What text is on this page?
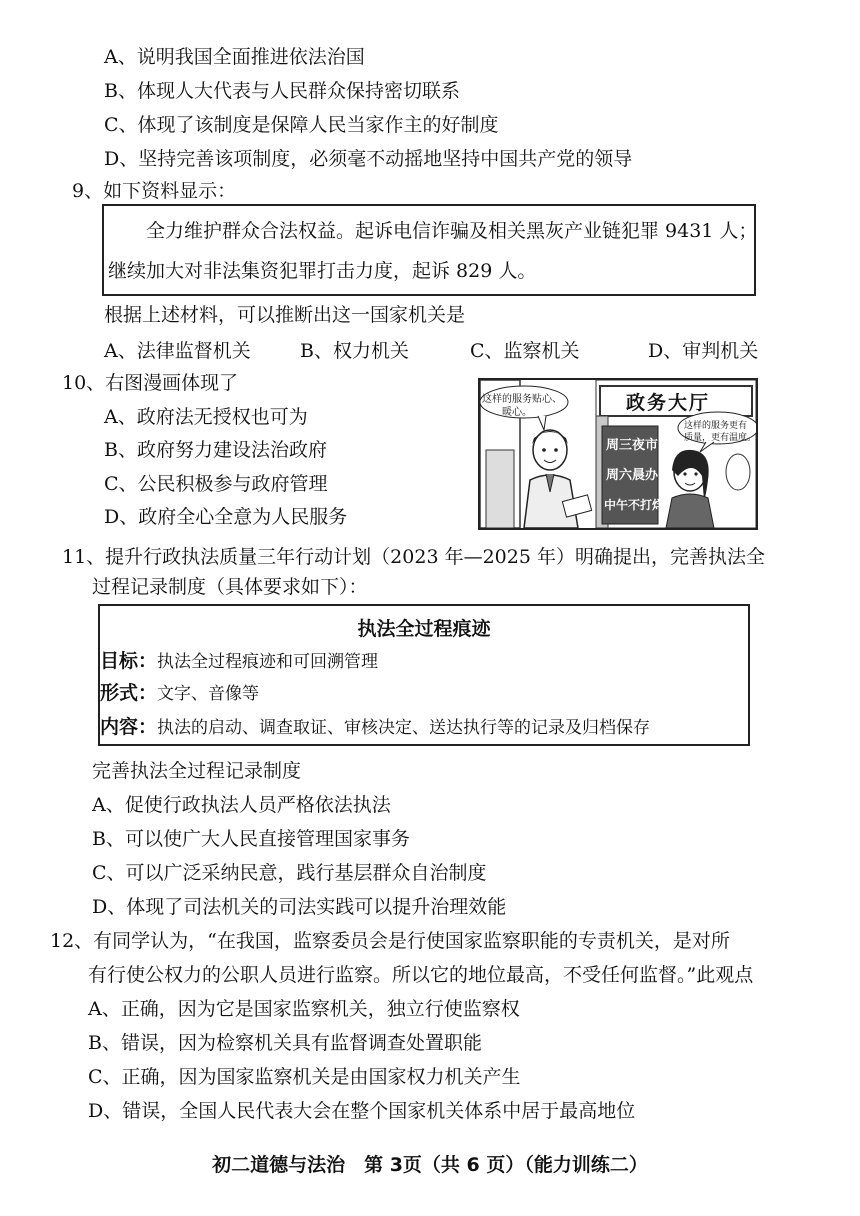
A、说明我国全面推进依法治国
B、体现人大代表与人民群众保持密切联系
C、体现了该制度是保障人民当家作主的好制度
D、坚持完善该项制度，必须毫不动摇地坚持中国共产党的领导
9、如下资料显示：
全力维护群众合法权益。起诉电信诈骗及相关黑灰产业链犯罪 9431 人；
继续加大对非法集资犯罪打击力度，起诉 829 人。
根据上述材料，可以推断出这一国家机关是
A、法律监督机关	B、权力机关	C、监察机关	D、审判机关
10、右图漫画体现了
A、政府法无授权也可为
B、政府努力建设法治政府
C、公民积极参与政府管理
D、政府全心全意为人民服务
这样的服务贴心、
暖心。	政务大厅
这样的服务更有
质量，更有温度。
周三夜市
周六晨办
中午不打烊
11、提升行政执法质量三年行动计划（2023 年—2025 年）明确提出，完善执法全
过程记录制度（具体要求如下）：
执法全过程痕迹
目标：执法全过程痕迹和可回溯管理
形式：文字、音像等
内容：执法的启动、调查取证、审核决定、送达执行等的记录及归档保存
完善执法全过程记录制度
A、促使行政执法人员严格依法执法
B、可以使广大人民直接管理国家事务
C、可以广泛采纳民意，践行基层群众自治制度
D、体现了司法机关的司法实践可以提升治理效能
12、有同学认为，“在我国，监察委员会是行使国家监察职能的专责机关，是对所
有行使公权力的公职人员进行监察。所以它的地位最高，不受任何监督。”此观点
A、正确，因为它是国家监察机关，独立行使监察权
B、错误，因为检察机关具有监督调查处置职能
C、正确，因为国家监察机关是由国家权力机关产生
D、错误，全国人民代表大会在整个国家机关体系中居于最高地位
初二道德与法治　第 3页（共 6 页）（能力训练二）
